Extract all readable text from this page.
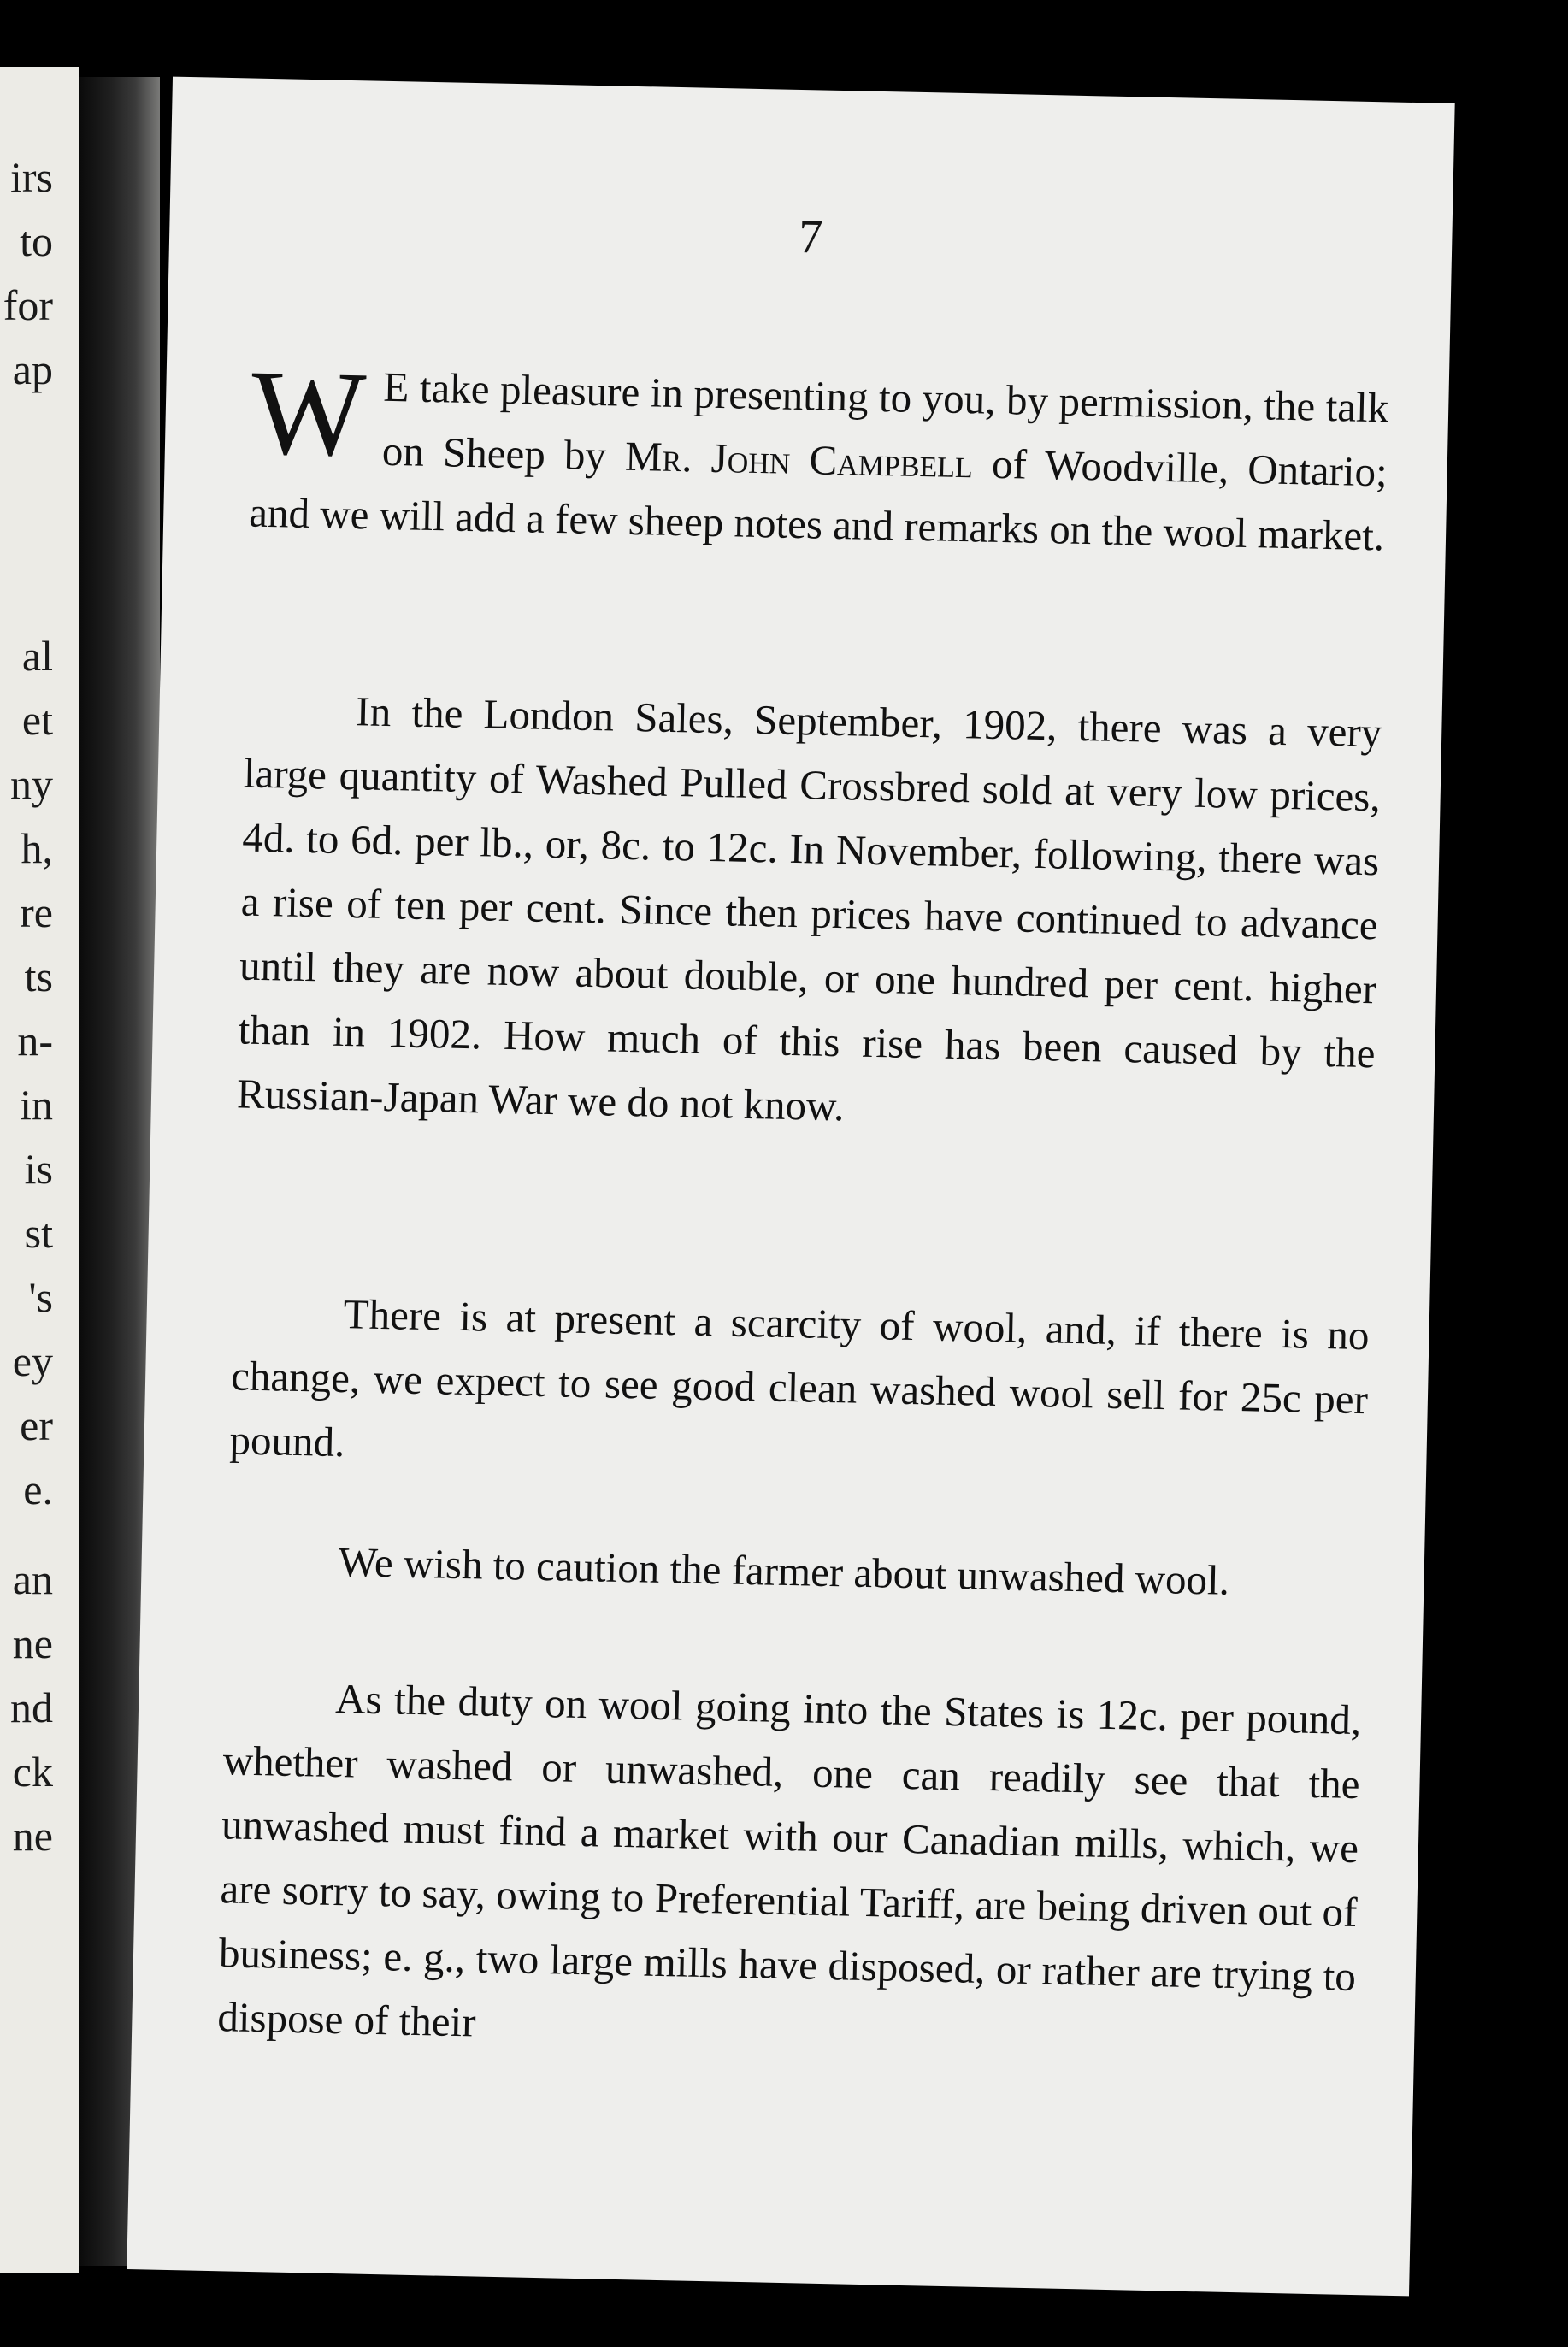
irs
to
for
ap
al
et
ny
h,
re
ts
n-
in
is
st
's
ey
er
e.
an
ne
nd
ck
ne
7

W E take pleasure in presenting to you, by permission, the talk on Sheep by Mr. John Campbell of Woodville, Ontario; and we will add a few sheep notes and remarks on the wool market.

In the London Sales, September, 1902, there was a very large quantity of Washed Pulled Crossbred sold at very low prices, 4d. to 6d. per lb., or, 8c. to 12c. In November, following, there was a rise of ten per cent. Since then prices have continued to advance until they are now about double, or one hundred per cent. higher than in 1902. How much of this rise has been caused by the Russian-Japan War we do not know.

There is at present a scarcity of wool, and, if there is no change, we expect to see good clean washed wool sell for 25c per pound.

We wish to caution the farmer about unwashed wool.

As the duty on wool going into the States is 12c. per pound, whether washed or unwashed, one can readily see that the unwashed must find a market with our Canadian mills, which, we are sorry to say, owing to Preferential Tariff, are being driven out of business; e. g., two large mills have disposed, or rather are trying to dispose of their
